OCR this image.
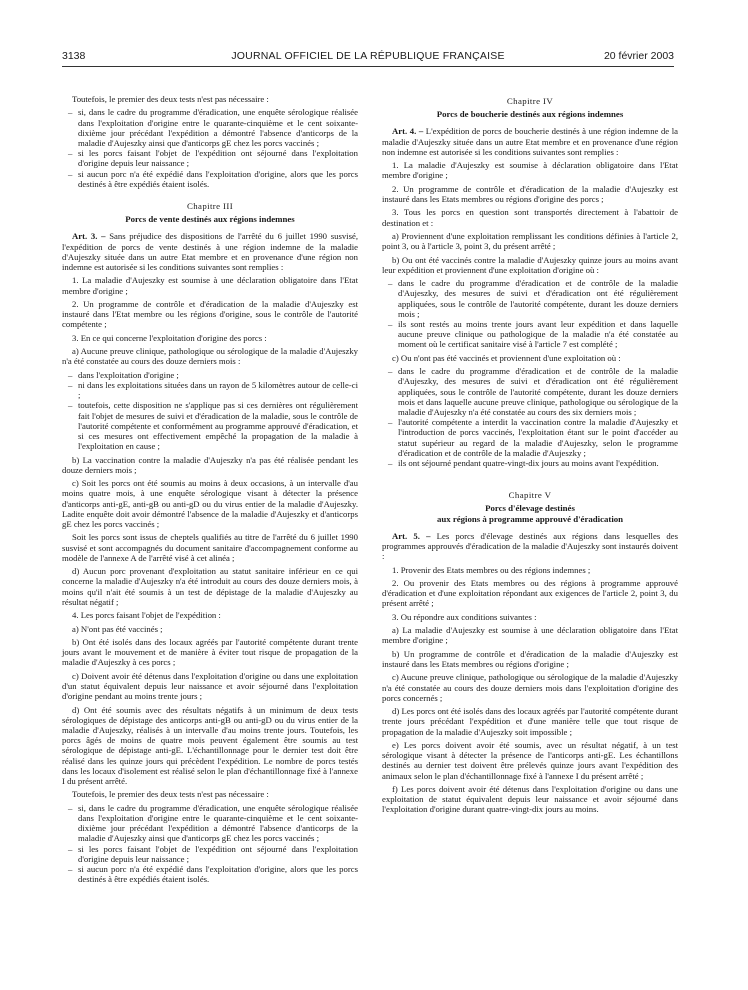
3138	JOURNAL OFFICIEL DE LA RÉPUBLIQUE FRANÇAISE	20 février 2003

Toutefois, le premier des deux tests n'est pas nécessaire :

– si, dans le cadre du programme d'éradication, une enquête sérologique réalisée dans l'exploitation d'origine entre le quarante-cinquième et le cent soixante-dixième jour précédant l'expédition a démontré l'absence d'anticorps de la maladie d'Aujeszky ainsi que d'anticorps gE chez les porcs vaccinés ;
– si les porcs faisant l'objet de l'expédition ont séjourné dans l'exploitation d'origine depuis leur naissance ;
– si aucun porc n'a été expédié dans l'exploitation d'origine, alors que les porcs destinés à être expédiés étaient isolés.
Chapitre III
Porcs de vente destinés aux régions indemnes

Art. 3. – Sans préjudice des dispositions de l'arrêté du 6 juillet 1990 susvisé, l'expédition de porcs de vente destinés à une région indemne de la maladie d'Aujeszky située dans un autre Etat membre et en provenance d'une région non indemne est autorisée si les conditions suivantes sont remplies :

1. La maladie d'Aujeszky est soumise à une déclaration obligatoire dans l'Etat membre d'origine ;

2. Un programme de contrôle et d'éradication de la maladie d'Aujeszky est instauré dans l'Etat membre ou les régions d'origine, sous le contrôle de l'autorité compétente ;

3. En ce qui concerne l'exploitation d'origine des porcs :

a) Aucune preuve clinique, pathologique ou sérologique de la maladie d'Aujeszky n'a été constatée au cours des douze derniers mois :

– dans l'exploitation d'origine ;
– ni dans les exploitations situées dans un rayon de 5 kilomètres autour de celle-ci ;
– toutefois, cette disposition ne s'applique pas si ces dernières ont régulièrement fait l'objet de mesures de suivi et d'éradication de la maladie, sous le contrôle de l'autorité compétente et conformément au programme approuvé d'éradication, et si ces mesures ont effectivement empêché la propagation de la maladie à l'exploitation en cause ;

b) La vaccination contre la maladie d'Aujeszky n'a pas été réalisée pendant les douze derniers mois ;

c) Soit les porcs ont été soumis au moins à deux occasions, à un intervalle d'au moins quatre mois, à une enquête sérologique visant à détecter la présence d'anticorps anti-gE, anti-gB ou anti-gD ou du virus entier de la maladie d'Aujeszky. Ladite enquête doit avoir démontré l'absence de la maladie d'Aujeszky et d'anticorps gE chez les porcs vaccinés ;

Soit les porcs sont issus de cheptels qualifiés au titre de l'arrêté du 6 juillet 1990 susvisé et sont accompagnés du document sanitaire d'accompagnement conforme au modèle de l'annexe A de l'arrêté visé à cet alinéa ;

d) Aucun porc provenant d'exploitation au statut sanitaire inférieur en ce qui concerne la maladie d'Aujeszky n'a été introduit au cours des douze derniers mois, à moins qu'il n'ait été soumis à un test de dépistage de la maladie d'Aujeszky au résultat négatif ;

4. Les porcs faisant l'objet de l'expédition :

a) N'ont pas été vaccinés ;

b) Ont été isolés dans des locaux agréés par l'autorité compétente durant trente jours avant le mouvement et de manière à éviter tout risque de propagation de la maladie d'Aujeszky à ces porcs ;

c) Doivent avoir été détenus dans l'exploitation d'origine ou dans une exploitation d'un statut équivalent depuis leur naissance et avoir séjourné dans l'exploitation d'origine pendant au moins trente jours ;

d) Ont été soumis avec des résultats négatifs à un minimum de deux tests sérologiques de dépistage des anticorps anti-gB ou anti-gD ou du virus entier de la maladie d'Aujeszky, réalisés à un intervalle d'au moins trente jours. Toutefois, les porcs âgés de moins de quatre mois peuvent également être soumis au test sérologique de dépistage anti-gE. L'échantillonnage pour le dernier test doit être réalisé dans les quinze jours qui précèdent l'expédition. Le nombre de porcs testés dans les locaux d'isolement est réalisé selon le plan d'échantillonnage fixé à l'annexe I du présent arrêté.

Toutefois, le premier des deux tests n'est pas nécessaire :

– si, dans le cadre du programme d'éradication, une enquête sérologique réalisée dans l'exploitation d'origine entre le quarante-cinquième et le cent soixante-dixième jour précédant l'expédition a démontré l'absence d'anticorps de la maladie d'Aujeszky ainsi que d'anticorps gE chez les porcs vaccinés ;
– si les porcs faisant l'objet de l'expédition ont séjourné dans l'exploitation d'origine depuis leur naissance ;
– si aucun porc n'a été expédié dans l'exploitation d'origine, alors que les porcs destinés à être expédiés étaient isolés.
Chapitre IV
Porcs de boucherie destinés aux régions indemnes

Art. 4. – L'expédition de porcs de boucherie destinés à une région indemne de la maladie d'Aujeszky située dans un autre Etat membre et en provenance d'une région non indemne est autorisée si les conditions suivantes sont remplies :

1. La maladie d'Aujeszky est soumise à déclaration obligatoire dans l'Etat membre d'origine ;

2. Un programme de contrôle et d'éradication de la maladie d'Aujeszky est instauré dans les Etats membres ou régions d'origine des porcs ;

3. Tous les porcs en question sont transportés directement à l'abattoir de destination et :

a) Proviennent d'une exploitation remplissant les conditions définies à l'article 2, point 3, ou à l'article 3, point 3, du présent arrêté ;

b) Ou ont été vaccinés contre la maladie d'Aujeszky quinze jours au moins avant leur expédition et proviennent d'une exploitation d'origine où :

– dans le cadre du programme d'éradication et de contrôle de la maladie d'Aujeszky, des mesures de suivi et d'éradication ont été régulièrement appliquées, sous le contrôle de l'autorité compétente, durant les douze derniers mois ;
– ils sont restés au moins trente jours avant leur expédition et dans laquelle aucune preuve clinique ou pathologique de la maladie n'a été constatée au moment où le certificat sanitaire visé à l'article 7 est complété ;

c) Ou n'ont pas été vaccinés et proviennent d'une exploitation où :

– dans le cadre du programme d'éradication et de contrôle de la maladie d'Aujeszky, des mesures de suivi et d'éradication ont été régulièrement appliquées, sous le contrôle de l'autorité compétente, durant les douze derniers mois et dans laquelle aucune preuve clinique, pathologique ou sérologique de la maladie d'Aujeszky n'a été constatée au cours des six derniers mois ;
– l'autorité compétente a interdit la vaccination contre la maladie d'Aujeszky et l'introduction de porcs vaccinés, l'exploitation étant sur le point d'accéder au statut supérieur au regard de la maladie d'Aujeszky, selon le programme d'éradication et de contrôle de la maladie d'Aujeszky ;
– ils ont séjourné pendant quatre-vingt-dix jours au moins avant l'expédition.
Chapitre V
Porcs d'élevage destinés
aux régions à programme approuvé d'éradication

Art. 5. – Les porcs d'élevage destinés aux régions dans lesquelles des programmes approuvés d'éradication de la maladie d'Aujeszky sont instaurés doivent :

1. Provenir des Etats membres ou des régions indemnes ;

2. Ou provenir des Etats membres ou des régions à programme approuvé d'éradication et d'une exploitation répondant aux exigences de l'article 2, point 3, du présent arrêté ;

3. Ou répondre aux conditions suivantes :

a) La maladie d'Aujeszky est soumise à une déclaration obligatoire dans l'Etat membre d'origine ;

b) Un programme de contrôle et d'éradication de la maladie d'Aujeszky est instauré dans les Etats membres ou régions d'origine ;

c) Aucune preuve clinique, pathologique ou sérologique de la maladie d'Aujeszky n'a été constatée au cours des douze derniers mois dans l'exploitation d'origine des porcs concernés ;

d) Les porcs ont été isolés dans des locaux agréés par l'autorité compétente durant trente jours précédant l'expédition et d'une manière telle que tout risque de propagation de la maladie d'Aujeszky soit impossible ;

e) Les porcs doivent avoir été soumis, avec un résultat négatif, à un test sérologique visant à détecter la présence de l'anticorps anti-gE. Les échantillons destinés au dernier test doivent être prélevés quinze jours avant l'expédition des animaux selon le plan d'échantillonnage fixé à l'annexe I du présent arrêté ;

f) Les porcs doivent avoir été détenus dans l'exploitation d'origine ou dans une exploitation de statut équivalent depuis leur naissance et avoir séjourné dans l'exploitation d'origine durant quatre-vingt-dix jours au moins.
